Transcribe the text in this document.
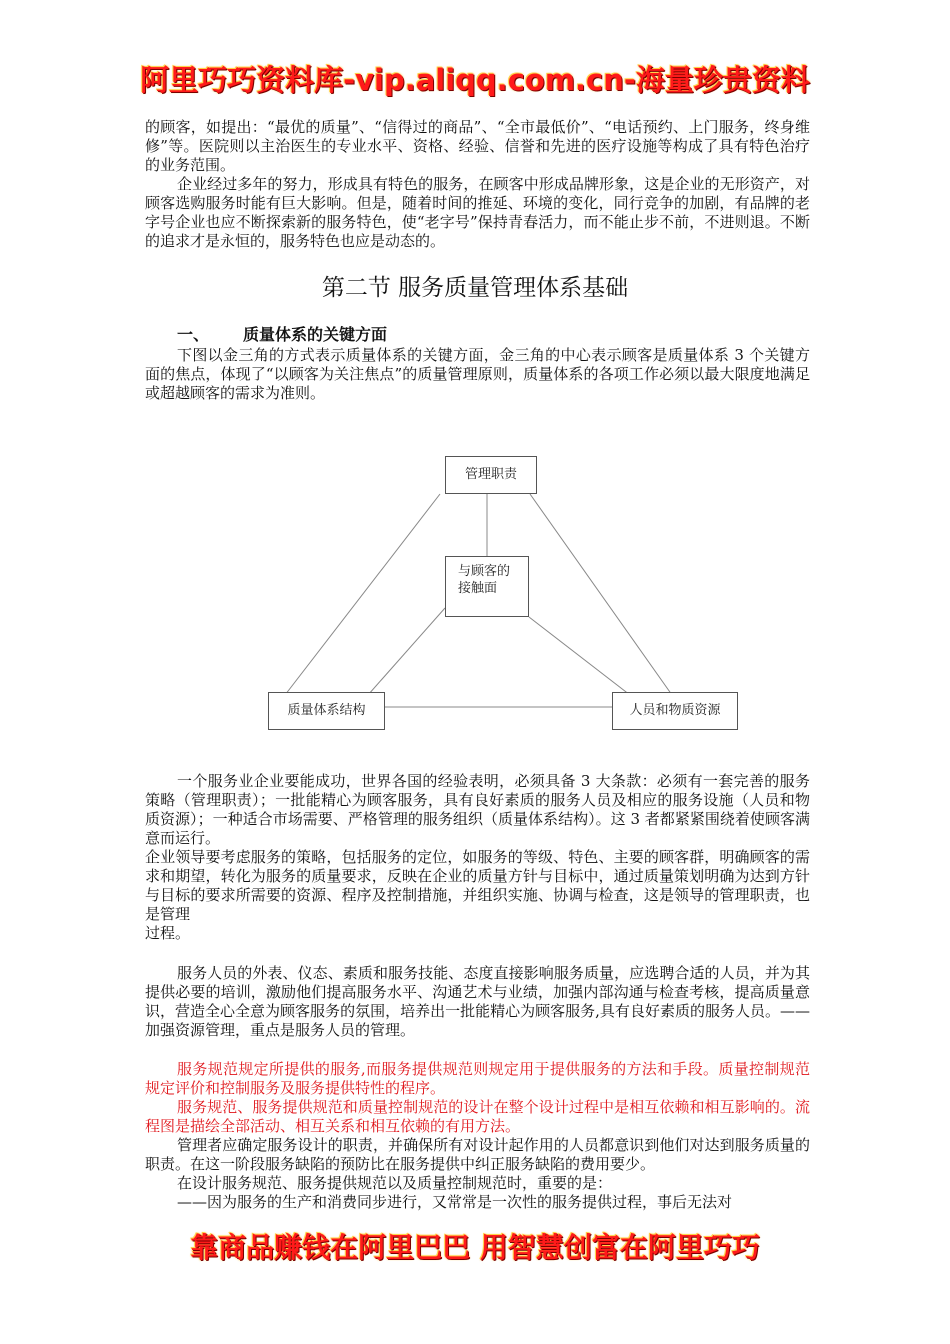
阿里巧巧资料库-vip.aliqq.com.cn-海量珍贵资料

的顾客，如提出：“最优的质量”、“信得过的商品”、“全市最低价”、“电话预约、上门服务，终身维修”等。医院则以主治医生的专业水平、资格、经验、信誉和先进的医疗设施等构成了具有特色治疗的业务范围。

企业经过多年的努力，形成具有特色的服务，在顾客中形成品牌形象，这是企业的无形资产，对顾客选购服务时能有巨大影响。但是，随着时间的推延、环境的变化，同行竞争的加剧，有品牌的老字号企业也应不断探索新的服务特色，使“老字号”保持青春活力，而不能止步不前，不进则退。不断的追求才是永恒的，服务特色也应是动态的。

第二节 服务质量管理体系基础
一、 质量体系的关键方面

下图以金三角的方式表示质量体系的关键方面，金三角的中心表示顾客是质量体系 3 个关键方面的焦点，体现了“以顾客为关注焦点”的质量管理原则，质量体系的各项工作必须以最大限度地满足或超越顾客的需求为准则。

管理职责
与顾客的
接触面
质量体系结构	人员和物质资源

一个服务业企业要能成功，世界各国的经验表明，必须具备 3 大条款：必须有一套完善的服务策略（管理职责）；一批能精心为顾客服务，具有良好素质的服务人员及相应的服务设施（人员和物质资源）；一种适合市场需要、严格管理的服务组织（质量体系结构）。这 3 者都紧紧围绕着使顾客满意而运行。

企业领导要考虑服务的策略，包括服务的定位，如服务的等级、特色、主要的顾客群，明确顾客的需求和期望，转化为服务的质量要求，反映在企业的质量方针与目标中，通过质量策划明确为达到方针与目标的要求所需要的资源、程序及控制措施，并组织实施、协调与检查，这是领导的管理职责，也是管理

过程。

服务人员的外表、仪态、素质和服务技能、态度直接影响服务质量，应选聘合适的人员，并为其提供必要的培训，激励他们提高服务水平、沟通艺术与业绩，加强内部沟通与检查考核，提高质量意识，营造全心全意为顾客服务的氛围，培养出一批能精心为顾客服务,具有良好素质的服务人员。——加强资源管理，重点是服务人员的管理。

服务规范规定所提供的服务,而服务提供规范则规定用于提供服务的方法和手段。质量控制规范规定评价和控制服务及服务提供特性的程序。

服务规范、服务提供规范和质量控制规范的设计在整个设计过程中是相互依赖和相互影响的。流程图是描绘全部活动、相互关系和相互依赖的有用方法。

管理者应确定服务设计的职责，并确保所有对设计起作用的人员都意识到他们对达到服务质量的职责。在这一阶段服务缺陷的预防比在服务提供中纠正服务缺陷的费用要少。

在设计服务规范、服务提供规范以及质量控制规范时，重要的是：

——因为服务的生产和消费同步进行，又常常是一次性的服务提供过程，事后无法对

靠商品赚钱在阿里巴巴 用智慧创富在阿里巧巧
